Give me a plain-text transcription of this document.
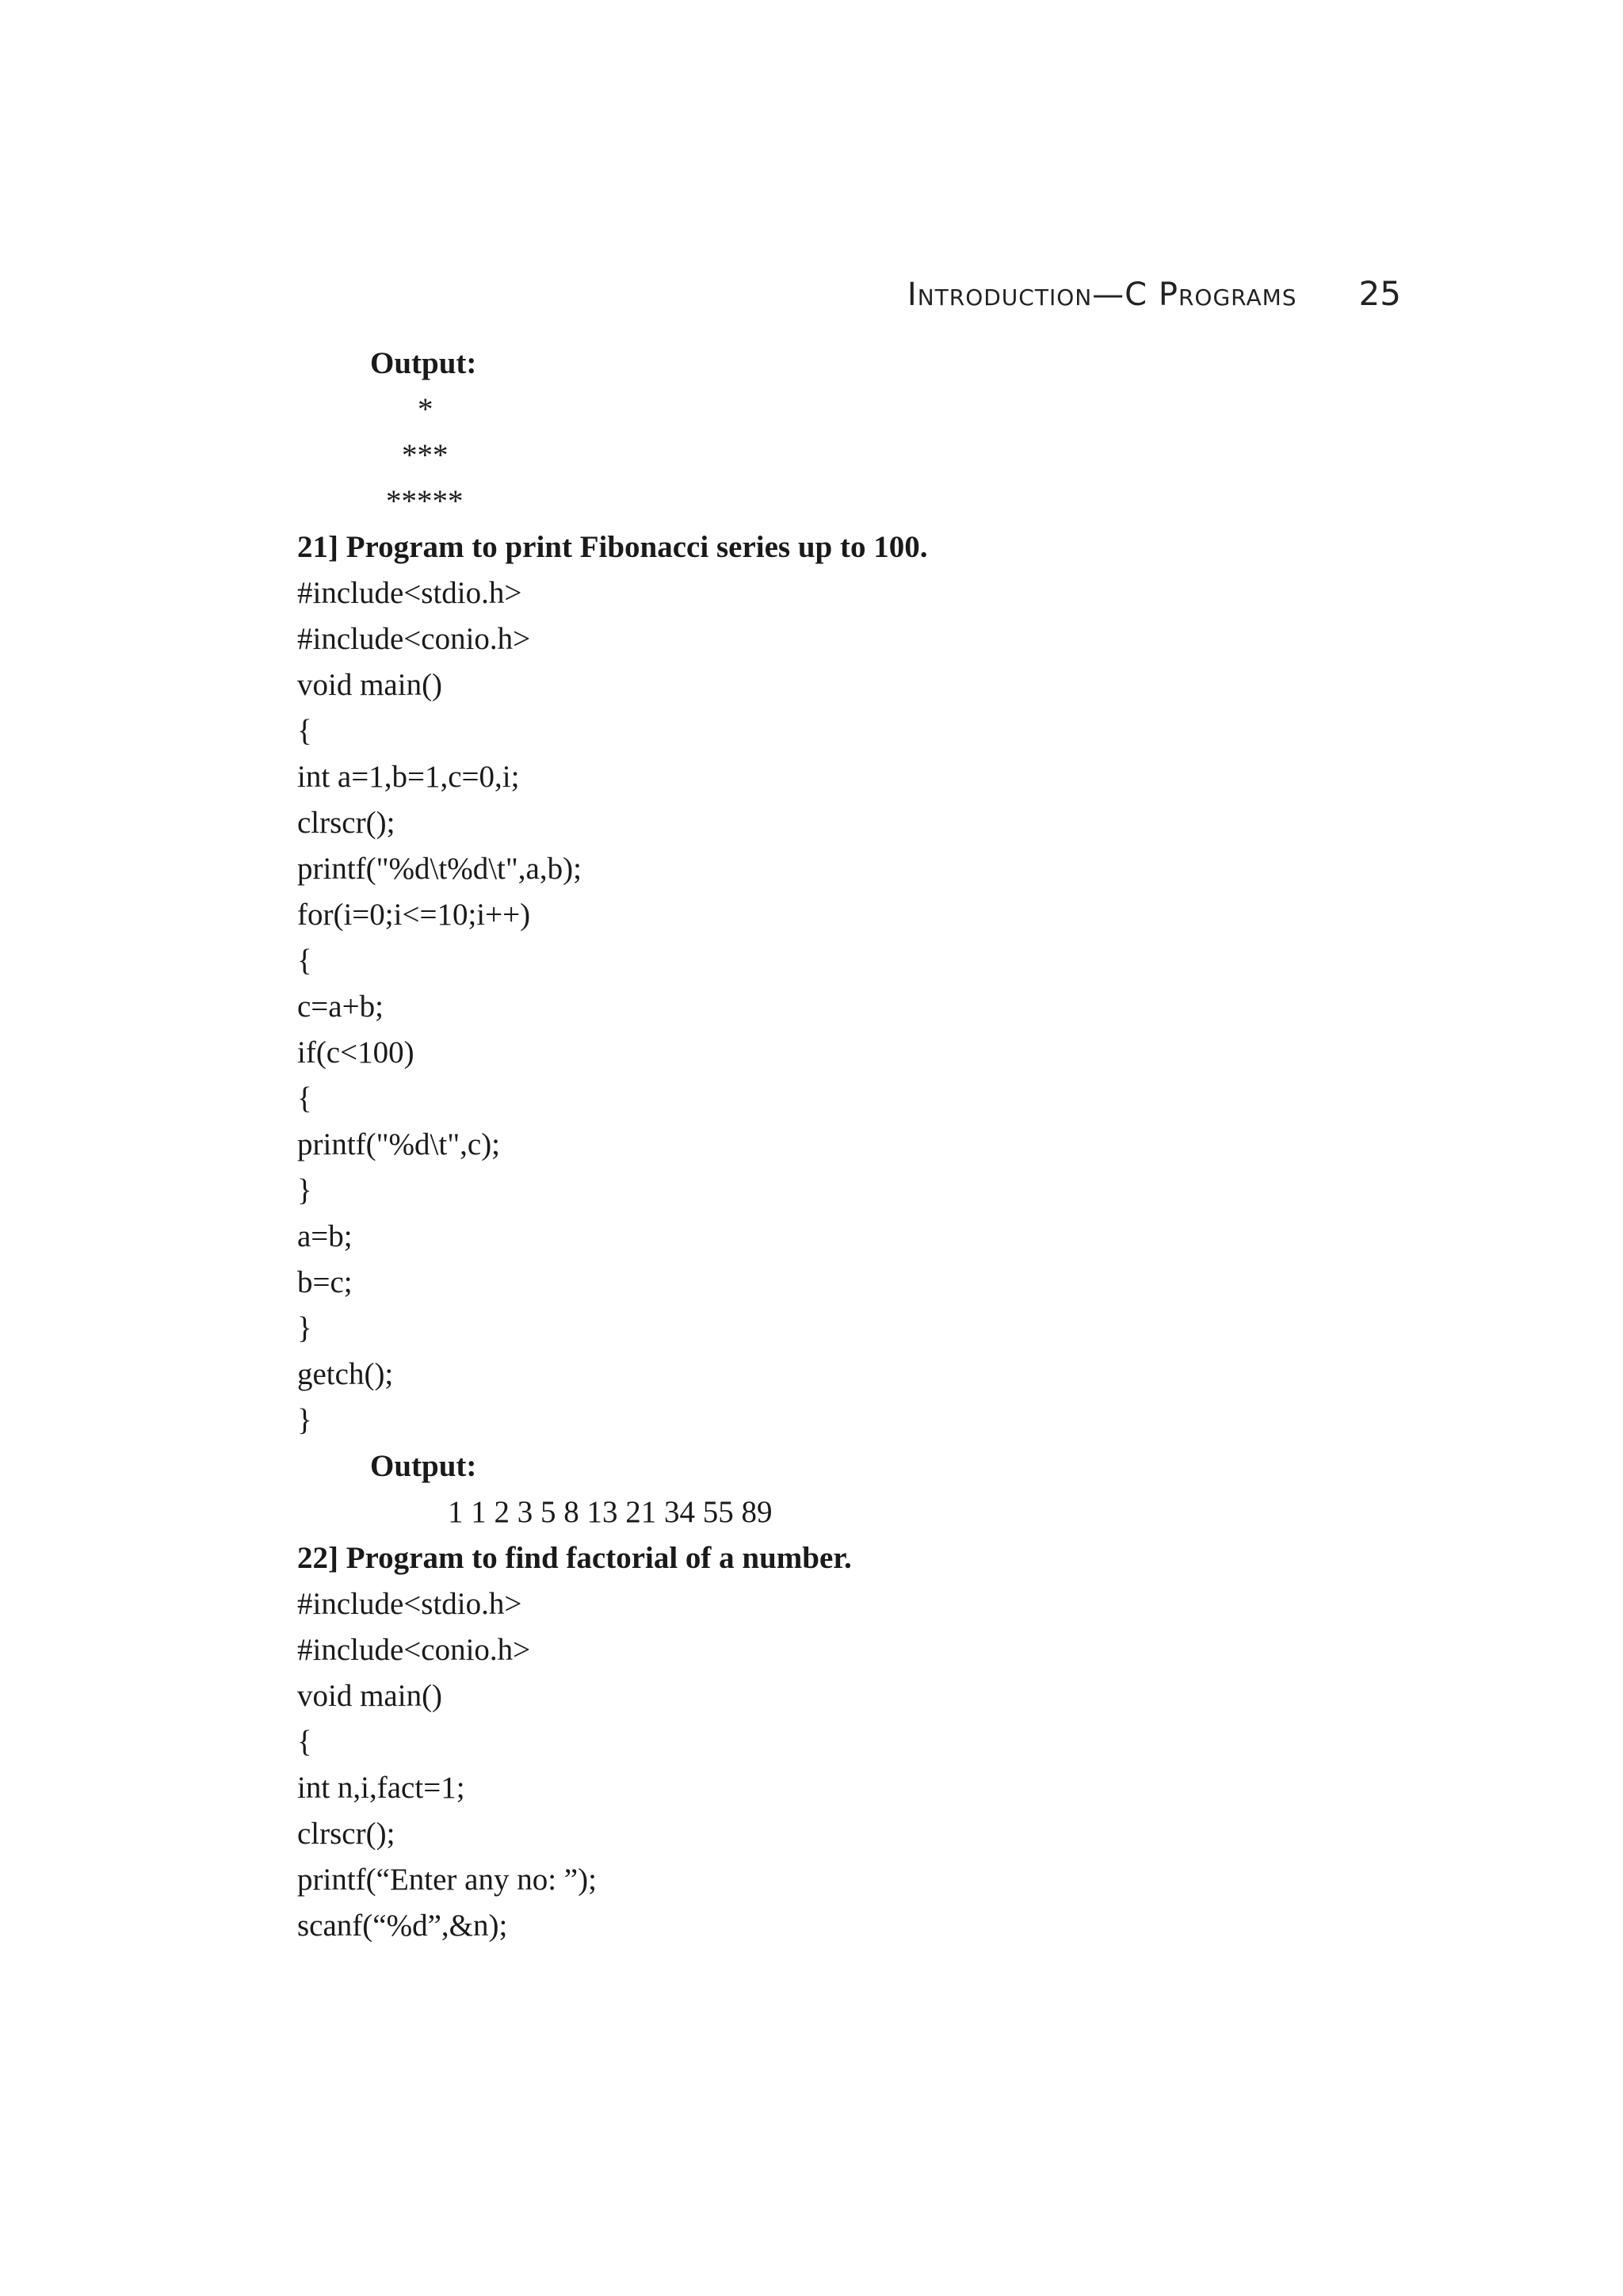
Introduction—C Programs 25
Output:
*
***
*****
21] Program to print Fibonacci series up to 100.
#include<stdio.h>
#include<conio.h>
void main()
{
int a=1,b=1,c=0,i;
clrscr();
printf("%d\t%d\t",a,b);
for(i=0;i<=10;i++)
{
c=a+b;
if(c<100)
{
printf("%d\t",c);
}
a=b;
b=c;
}
getch();
}
Output:
1 1 2 3 5 8 13 21 34 55 89
22] Program to find factorial of a number.
#include<stdio.h>
#include<conio.h>
void main()
{
int n,i,fact=1;
clrscr();
printf(“Enter any no: ”);
scanf(“%d”,&n);
